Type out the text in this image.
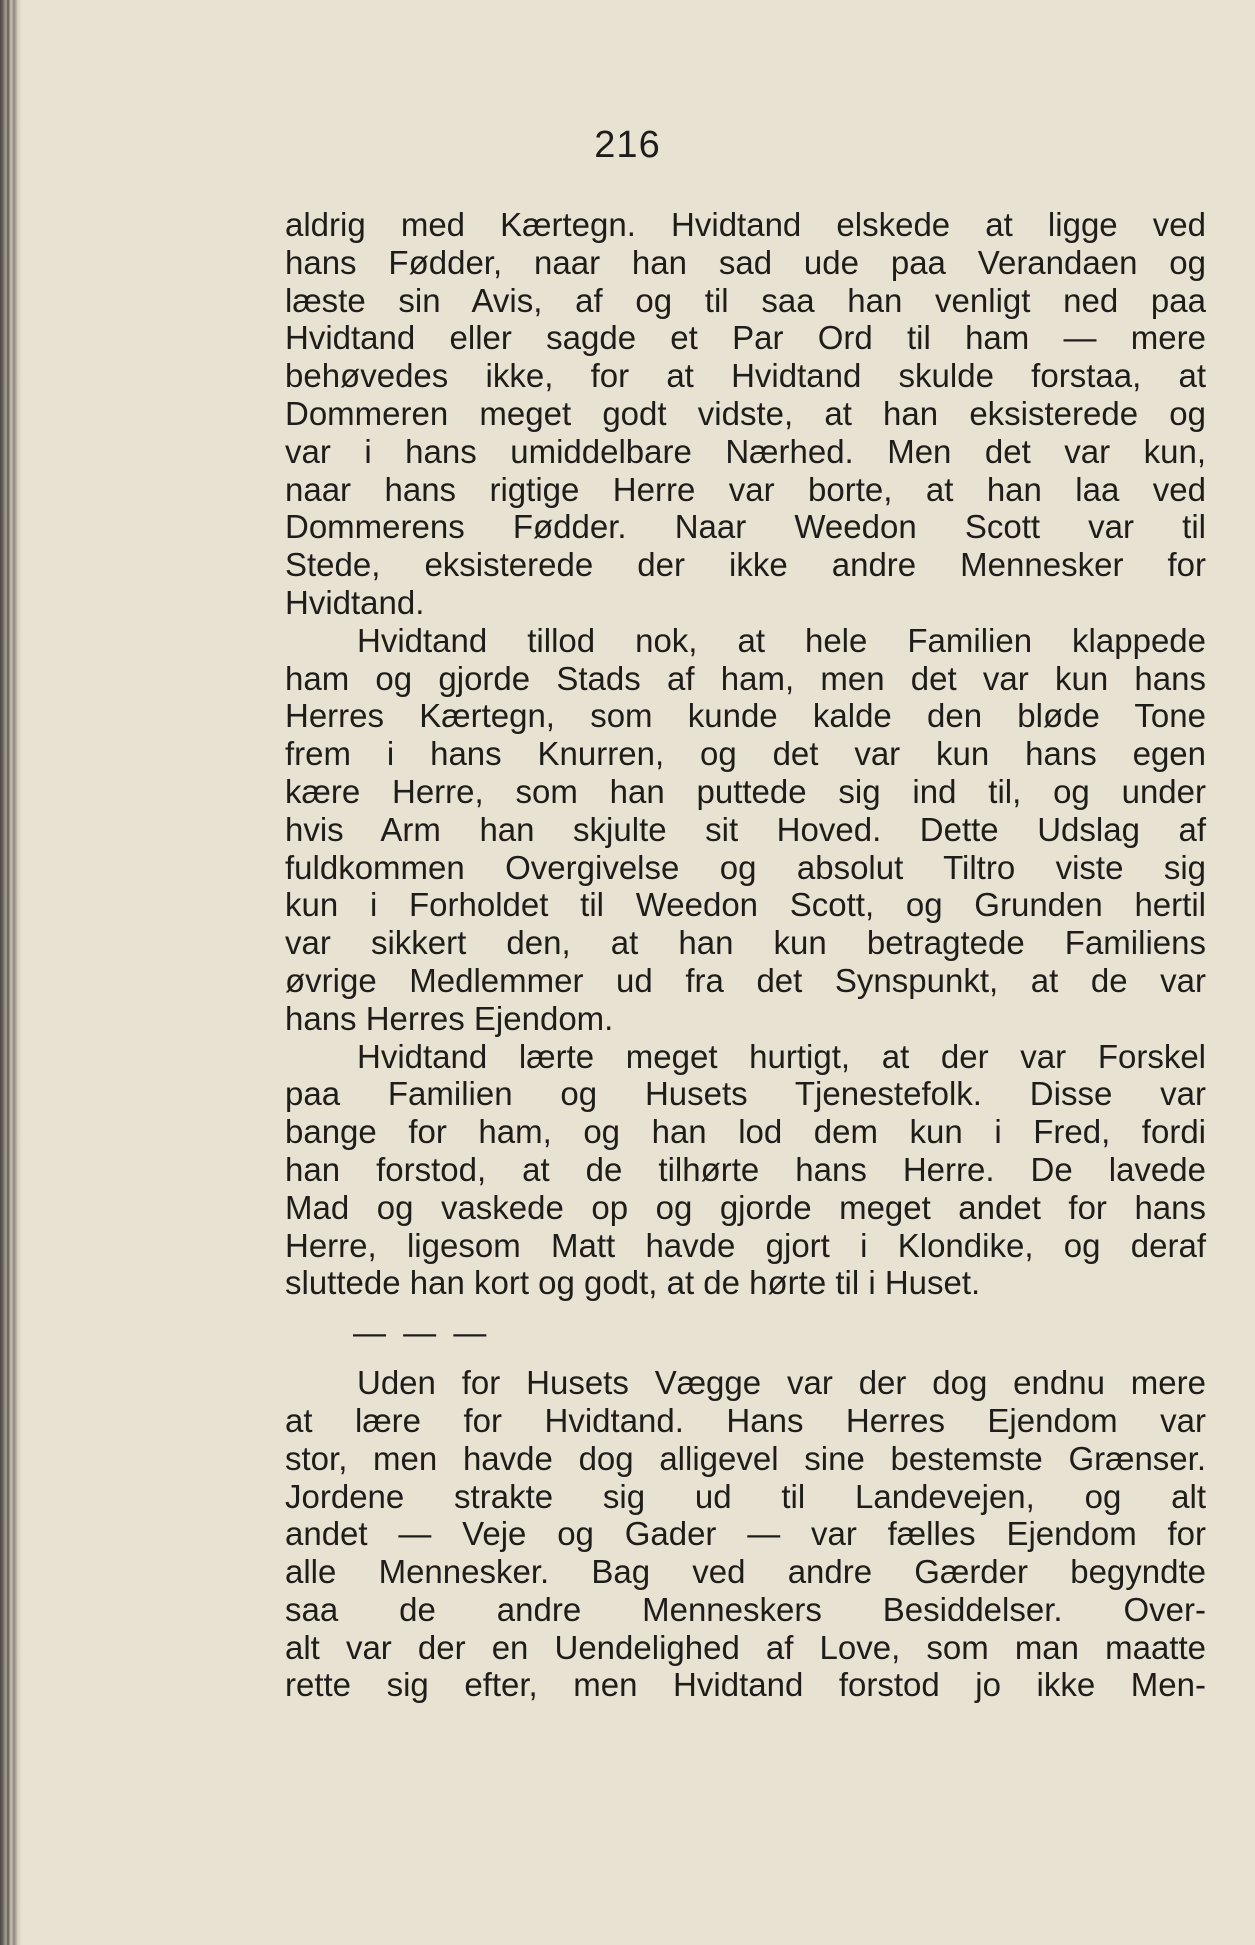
216
aldrig med Kærtegn. Hvidtand elskede at ligge ved
hans Fødder, naar han sad ude paa Verandaen og
læste sin Avis, af og til saa han venligt ned paa
Hvidtand eller sagde et Par Ord til ham — mere
behøvedes ikke, for at Hvidtand skulde forstaa, at
Dommeren meget godt vidste, at han eksisterede og
var i hans umiddelbare Nærhed. Men det var kun,
naar hans rigtige Herre var borte, at han laa ved
Dommerens Fødder. Naar Weedon Scott var til
Stede, eksisterede der ikke andre Mennesker for
Hvidtand.
Hvidtand tillod nok, at hele Familien klappede
ham og gjorde Stads af ham, men det var kun hans
Herres Kærtegn, som kunde kalde den bløde Tone
frem i hans Knurren, og det var kun hans egen
kære Herre, som han puttede sig ind til, og under
hvis Arm han skjulte sit Hoved. Dette Udslag af
fuldkommen Overgivelse og absolut Tiltro viste sig
kun i Forholdet til Weedon Scott, og Grunden hertil
var sikkert den, at han kun betragtede Familiens
øvrige Medlemmer ud fra det Synspunkt, at de var
hans Herres Ejendom.
Hvidtand lærte meget hurtigt, at der var Forskel
paa Familien og Husets Tjenestefolk. Disse var
bange for ham, og han lod dem kun i Fred, fordi
han forstod, at de tilhørte hans Herre. De lavede
Mad og vaskede op og gjorde meget andet for hans
Herre, ligesom Matt havde gjort i Klondike, og deraf
sluttede han kort og godt, at de hørte til i Huset.
— — —
Uden for Husets Vægge var der dog endnu mere
at lære for Hvidtand. Hans Herres Ejendom var
stor, men havde dog alligevel sine bestemste Grænser.
Jordene strakte sig ud til Landevejen, og alt
andet — Veje og Gader — var fælles Ejendom for
alle Mennesker. Bag ved andre Gærder begyndte
saa de andre Menneskers Besiddelser. Over-
alt var der en Uendelighed af Love, som man maatte
rette sig efter, men Hvidtand forstod jo ikke Men-
